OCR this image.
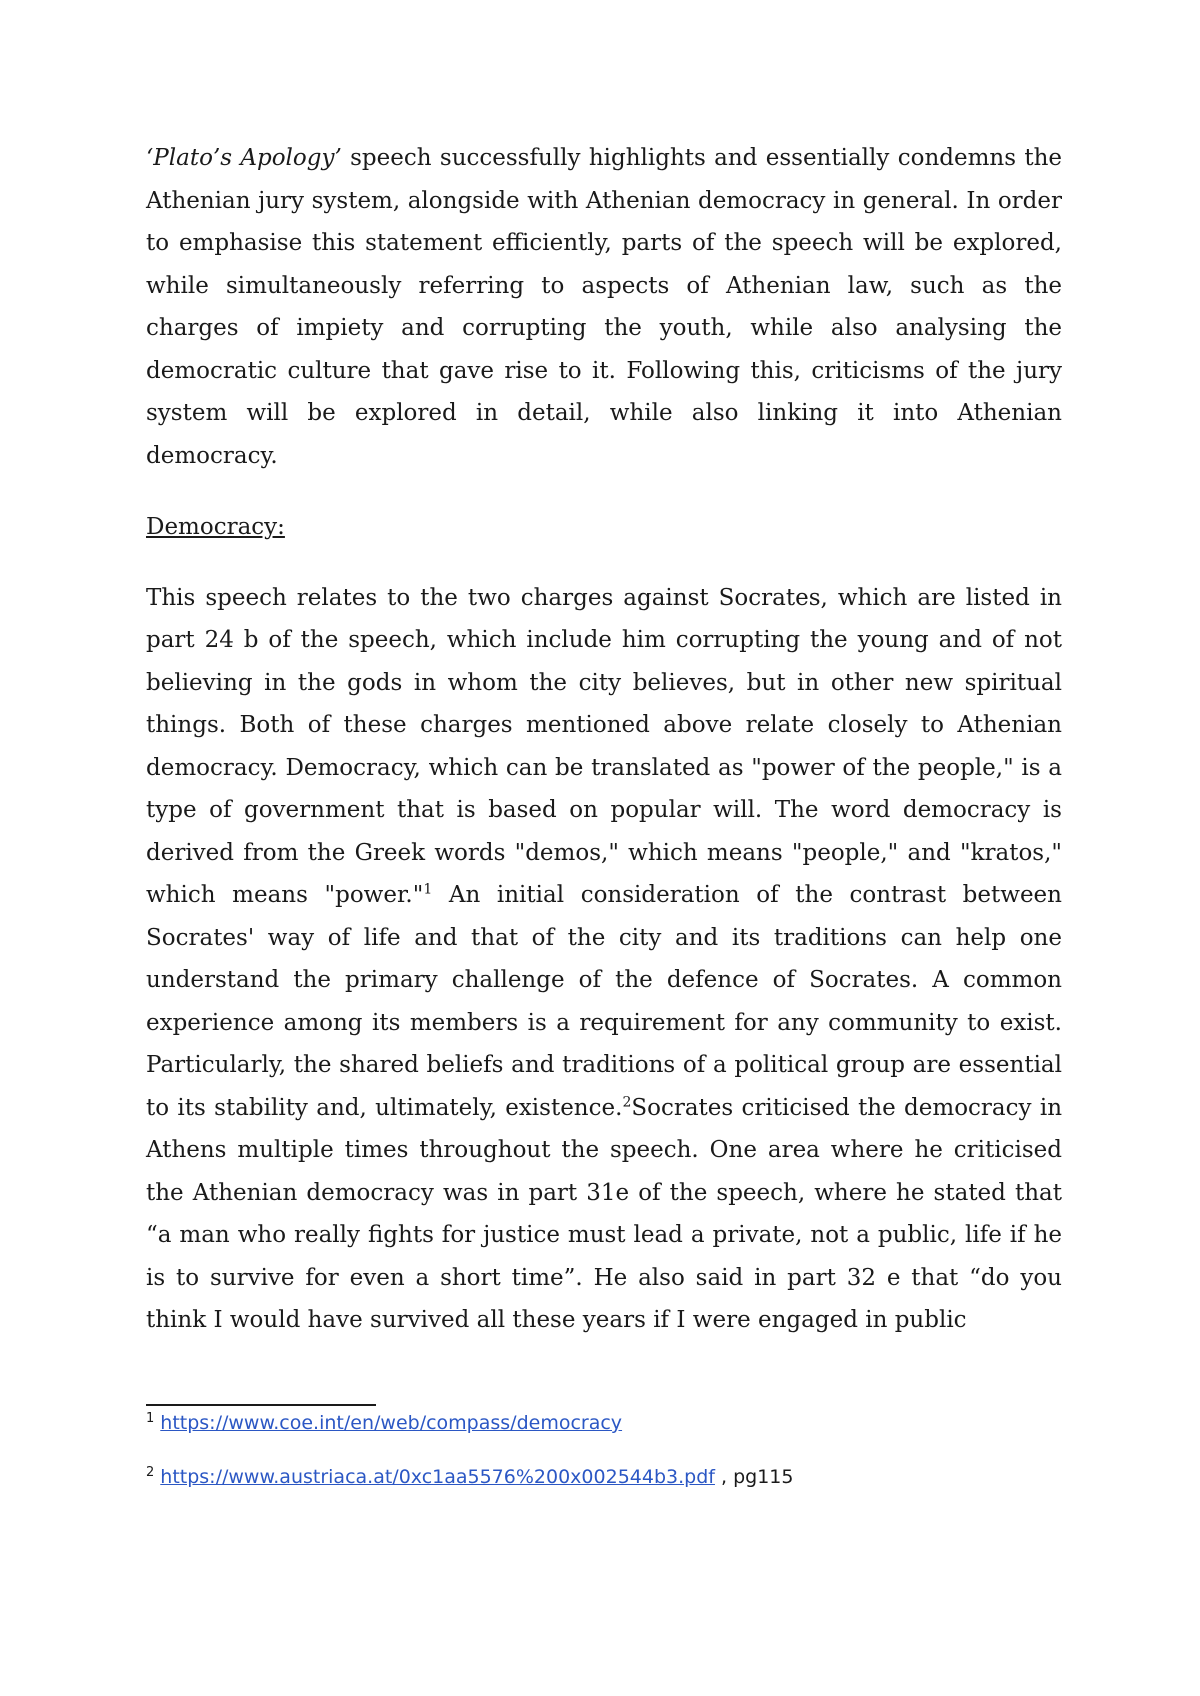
‘Plato’s Apology’ speech successfully highlights and essentially condemns the Athenian jury system, alongside with Athenian democracy in general. In order to emphasise this statement efficiently, parts of the speech will be explored, while simultaneously referring to aspects of Athenian law, such as the charges of impiety and corrupting the youth, while also analysing the democratic culture that gave rise to it. Following this, criticisms of the jury system will be explored in detail, while also linking it into Athenian democracy.

Democracy:

This speech relates to the two charges against Socrates, which are listed in part 24 b of the speech, which include him corrupting the young and of not believing in the gods in whom the city believes, but in other new spiritual things. Both of these charges mentioned above relate closely to Athenian democracy. Democracy, which can be translated as "power of the people," is a type of government that is based on popular will. The word democracy is derived from the Greek words "demos," which means "people," and "kratos," which means "power."$^1$ An initial consideration of the contrast between Socrates' way of life and that of the city and its traditions can help one understand the primary challenge of the defence of Socrates. A common experience among its members is a requirement for any community to exist. Particularly, the shared beliefs and traditions of a political group are essential to its stability and, ultimately, existence.$^2$Socrates criticised the democracy in Athens multiple times throughout the speech. One area where he criticised the Athenian democracy was in part 31e of the speech, where he stated that “a man who really fights for justice must lead a private, not a public, life if he is to survive for even a short time”. He also said in part 32 e that “do you think I would have survived all these years if I were engaged in public

$^1$ https://www.coe.int/en/web/compass/democracy

$^2$ https://www.austriaca.at/0xc1aa5576%200x002544b3.pdf , pg115
